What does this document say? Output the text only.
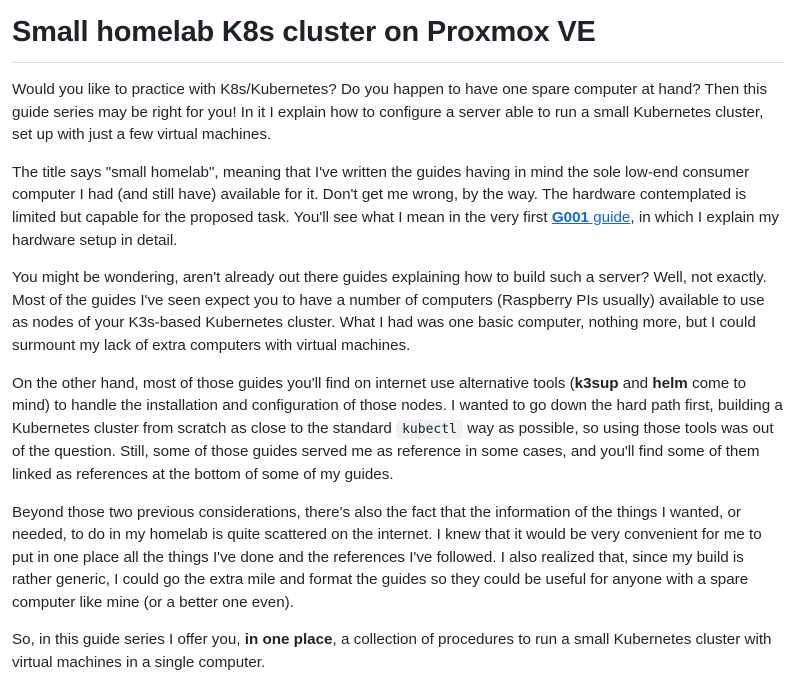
Small homelab K8s cluster on Proxmox VE

Would you like to practice with K8s/Kubernetes? Do you happen to have one spare computer at hand? Then this guide series may be right for you! In it I explain how to configure a server able to run a small Kubernetes cluster, set up with just a few virtual machines.

The title says "small homelab", meaning that I've written the guides having in mind the sole low-end consumer computer I had (and still have) available for it. Don't get me wrong, by the way. The hardware contemplated is limited but capable for the proposed task. You'll see what I mean in the very first G001 guide, in which I explain my hardware setup in detail.

You might be wondering, aren't already out there guides explaining how to build such a server? Well, not exactly. Most of the guides I've seen expect you to have a number of computers (Raspberry PIs usually) available to use as nodes of your K3s-based Kubernetes cluster. What I had was one basic computer, nothing more, but I could surmount my lack of extra computers with virtual machines.

On the other hand, most of those guides you'll find on internet use alternative tools (k3sup and helm come to mind) to handle the installation and configuration of those nodes. I wanted to go down the hard path first, building a Kubernetes cluster from scratch as close to the standard kubectl way as possible, so using those tools was out of the question. Still, some of those guides served me as reference in some cases, and you'll find some of them linked as references at the bottom of some of my guides.

Beyond those two previous considerations, there's also the fact that the information of the things I wanted, or needed, to do in my homelab is quite scattered on the internet. I knew that it would be very convenient for me to put in one place all the things I've done and the references I've followed. I also realized that, since my build is rather generic, I could go the extra mile and format the guides so they could be useful for anyone with a spare computer like mine (or a better one even).

So, in this guide series I offer you, in one place, a collection of procedures to run a small Kubernetes cluster with virtual machines in a single computer.
